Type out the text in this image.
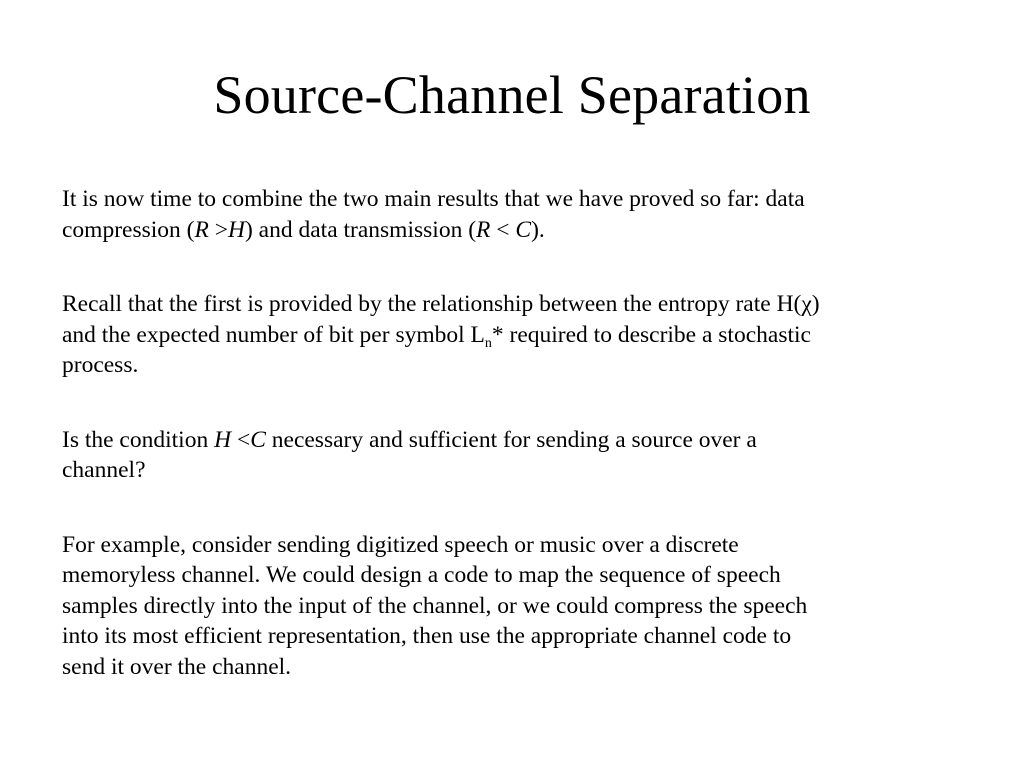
Source-Channel Separation

It is now time to combine the two main results that we have proved so far: data

compression (R >H) and data transmission (R < C).

Recall that the first is provided by the relationship between the entropy rate H(χ)

and the expected number of bit per symbol $L_n*$ required to describe a stochastic

process.

Is the condition H <C necessary and sufficient for sending a source over a

channel?

For example, consider sending digitized speech or music over a discrete

memoryless channel. We could design a code to map the sequence of speech

samples directly into the input of the channel, or we could compress the speech

into its most efficient representation, then use the appropriate channel code to

send it over the channel.
